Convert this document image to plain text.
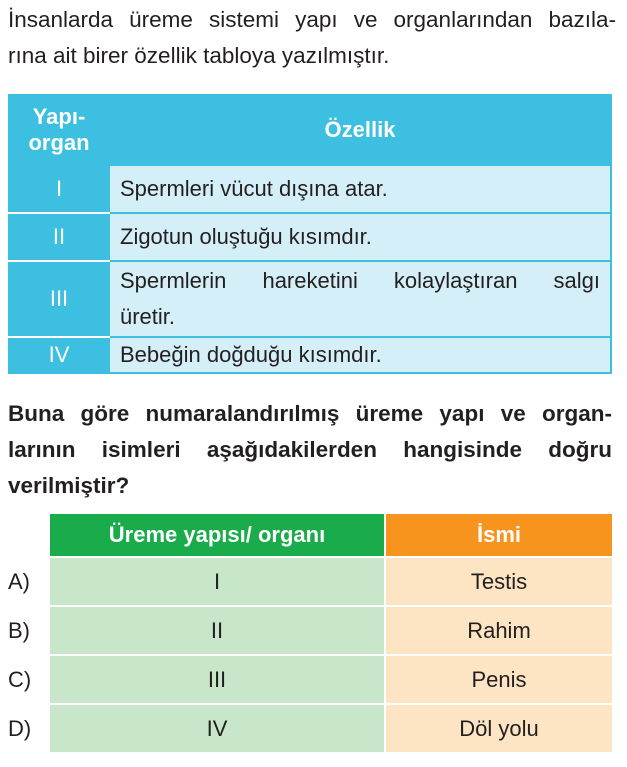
İnsanlarda üreme sistemi yapı ve organlarından bazıla-

rına ait birer özellik tabloya yazılmıştır.

Yapı-
organ	Özellik
I	Spermleri vücut dışına atar.
II	Zigotun oluştuğu kısımdır.
III	Spermlerin hareketini kolaylaştıran salgı
üretir.

IV	Bebeğin doğduğu kısımdır.

Buna göre numaralandırılmış üreme yapı ve organ-

larının isimleri aşağıdakilerden hangisinde doğru

verilmiştir?

Üreme yapısı/ organı	İsmi
A)	I	Testis
B)	II	Rahim
C)	III	Penis
D)	IV	Döl yolu
